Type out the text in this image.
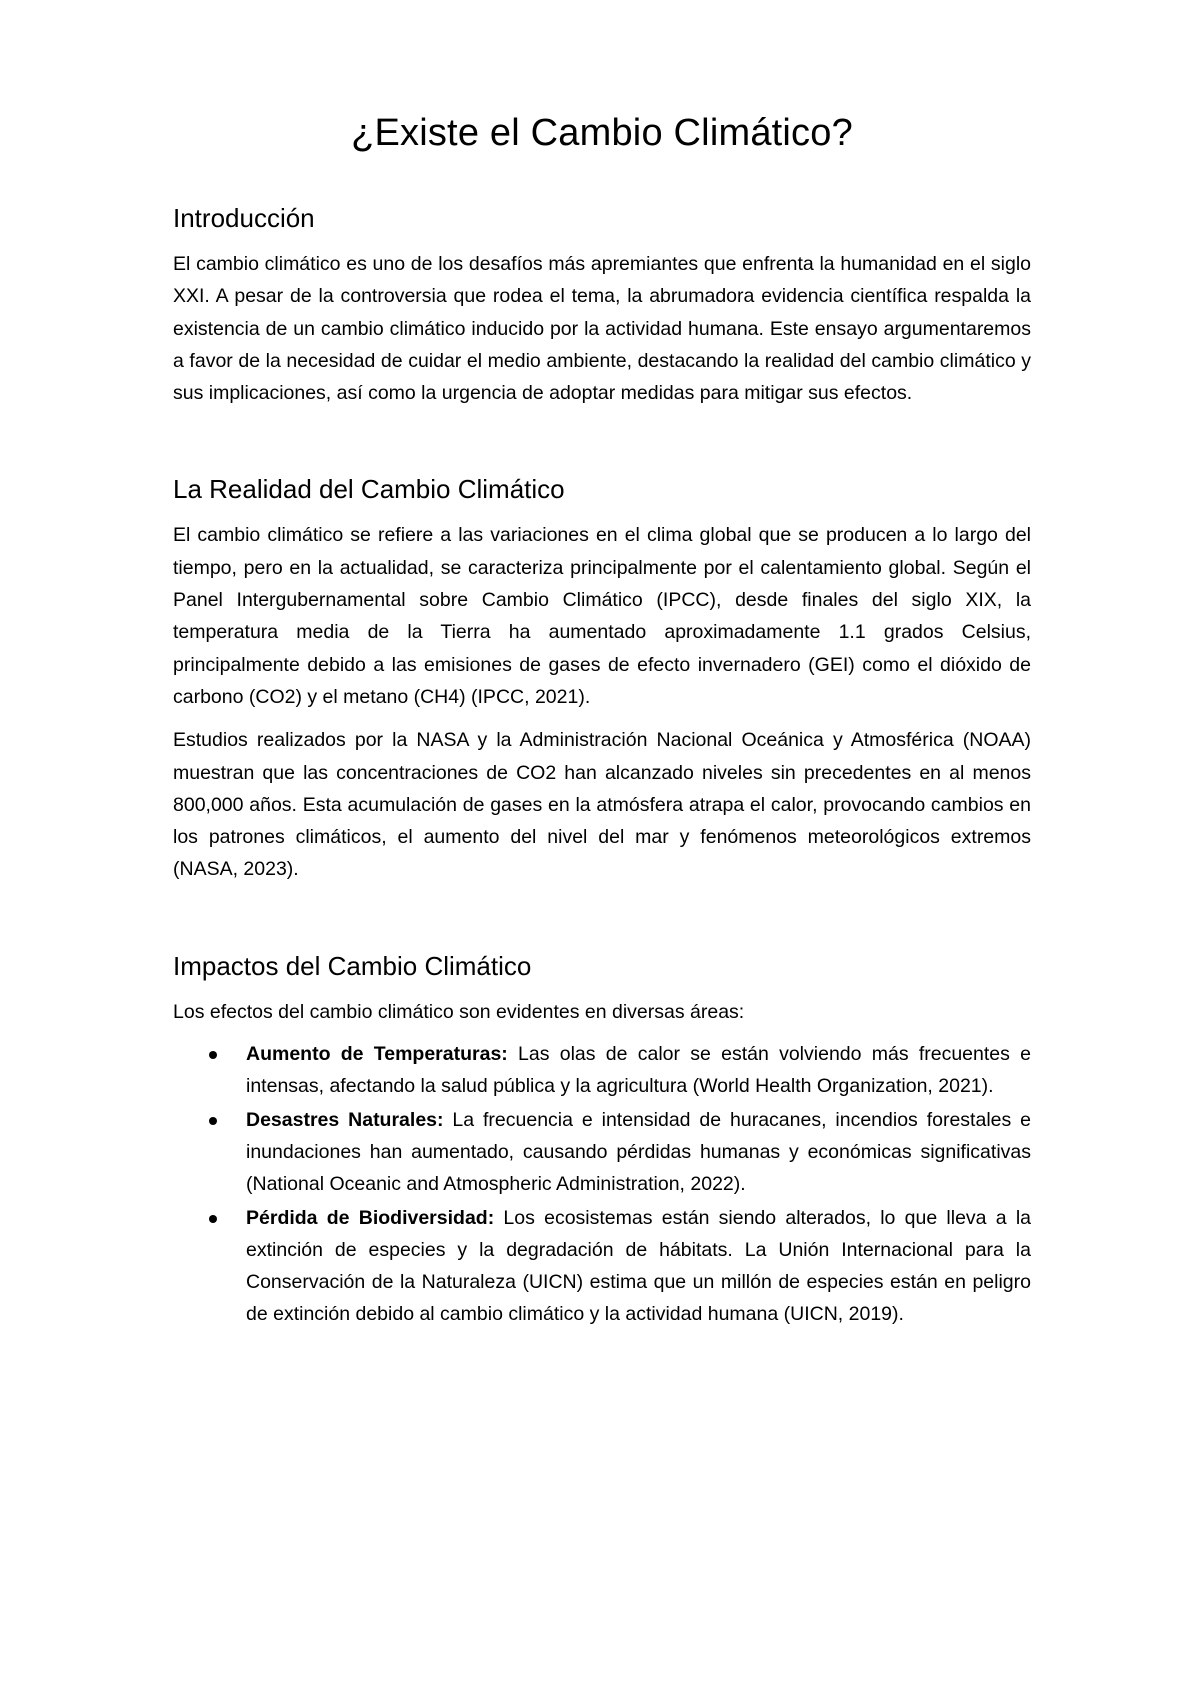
¿Existe el Cambio Climático?
Introducción

El cambio climático es uno de los desafíos más apremiantes que enfrenta la humanidad en el siglo XXI. A pesar de la controversia que rodea el tema, la abrumadora evidencia científica respalda la existencia de un cambio climático inducido por la actividad humana. Este ensayo argumentaremos a favor de la necesidad de cuidar el medio ambiente, destacando la realidad del cambio climático y sus implicaciones, así como la urgencia de adoptar medidas para mitigar sus efectos.

La Realidad del Cambio Climático

El cambio climático se refiere a las variaciones en el clima global que se producen a lo largo del tiempo, pero en la actualidad, se caracteriza principalmente por el calentamiento global. Según el Panel Intergubernamental sobre Cambio Climático (IPCC), desde finales del siglo XIX, la temperatura media de la Tierra ha aumentado aproximadamente 1.1 grados Celsius, principalmente debido a las emisiones de gases de efecto invernadero (GEI) como el dióxido de carbono (CO2) y el metano (CH4) (IPCC, 2021).

Estudios realizados por la NASA y la Administración Nacional Oceánica y Atmosférica (NOAA) muestran que las concentraciones de CO2 han alcanzado niveles sin precedentes en al menos 800,000 años. Esta acumulación de gases en la atmósfera atrapa el calor, provocando cambios en los patrones climáticos, el aumento del nivel del mar y fenómenos meteorológicos extremos (NASA, 2023).

Impactos del Cambio Climático

Los efectos del cambio climático son evidentes en diversas áreas:

Aumento de Temperaturas: Las olas de calor se están volviendo más frecuentes e intensas, afectando la salud pública y la agricultura (World Health Organization, 2021).
Desastres Naturales: La frecuencia e intensidad de huracanes, incendios forestales e inundaciones han aumentado, causando pérdidas humanas y económicas significativas (National Oceanic and Atmospheric Administration, 2022).
Pérdida de Biodiversidad: Los ecosistemas están siendo alterados, lo que lleva a la extinción de especies y la degradación de hábitats. La Unión Internacional para la Conservación de la Naturaleza (UICN) estima que un millón de especies están en peligro de extinción debido al cambio climático y la actividad humana (UICN, 2019).
